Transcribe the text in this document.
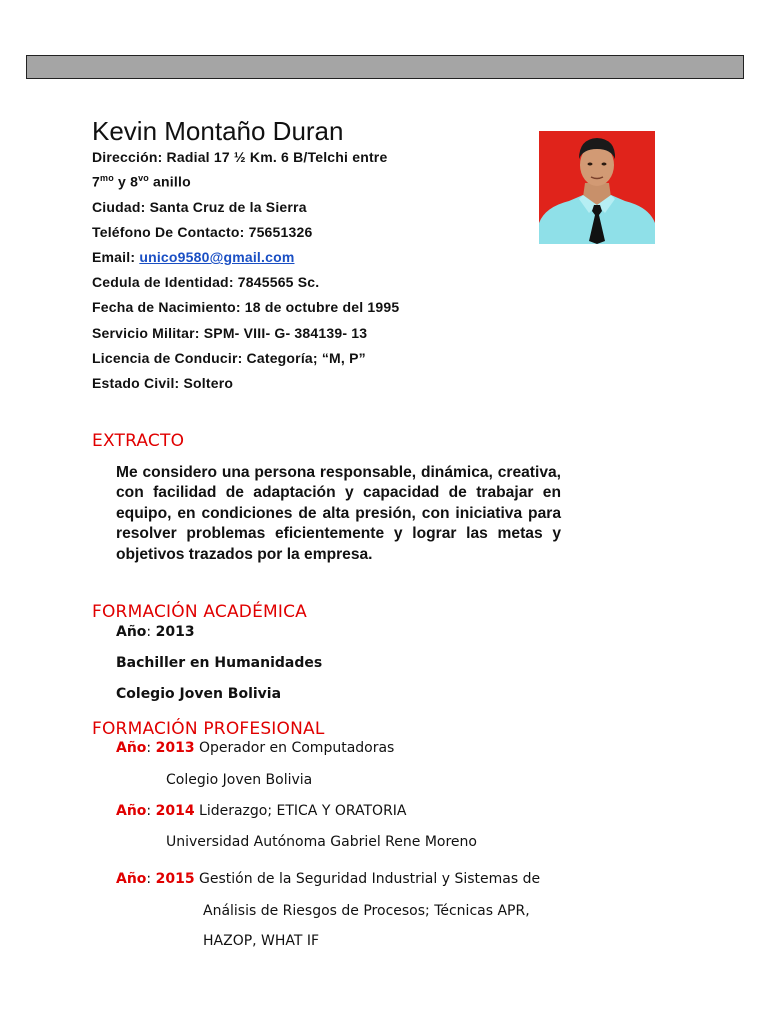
Kevin Montaño Duran
Dirección: Radial 17 ½ Km. 6 B/Telchi entre
$7^{mo}$ y $8^{vo}$ anillo
Ciudad: Santa Cruz de la Sierra
Teléfono De Contacto: 75651326
Email: unico9580@gmail.com
Cedula de Identidad: 7845565 Sc.
Fecha de Nacimiento: 18 de octubre del 1995
Servicio Militar: SPM- VIII- G- 384139- 13
Licencia de Conducir: Categoría; “M, P”
Estado Civil: Soltero
EXTRACTO
Me considero una persona responsable, dinámica, creativa, con facilidad de adaptación y capacidad de trabajar en equipo, en condiciones de alta presión, con iniciativa para resolver problemas eficientemente y lograr las metas y objetivos trazados por la empresa.
FORMACIÓN ACADÉMICA
Año: 2013
Bachiller en Humanidades
Colegio Joven Bolivia
FORMACIÓN PROFESIONAL
Año: 2013 Operador en Computadoras
Colegio Joven Bolivia
Año: 2014 Liderazgo; ETICA Y ORATORIA
Universidad Autónoma Gabriel Rene Moreno
Año: 2015 Gestión de la Seguridad Industrial y Sistemas de
Análisis de Riesgos de Procesos; Técnicas APR,
HAZOP, WHAT IF
